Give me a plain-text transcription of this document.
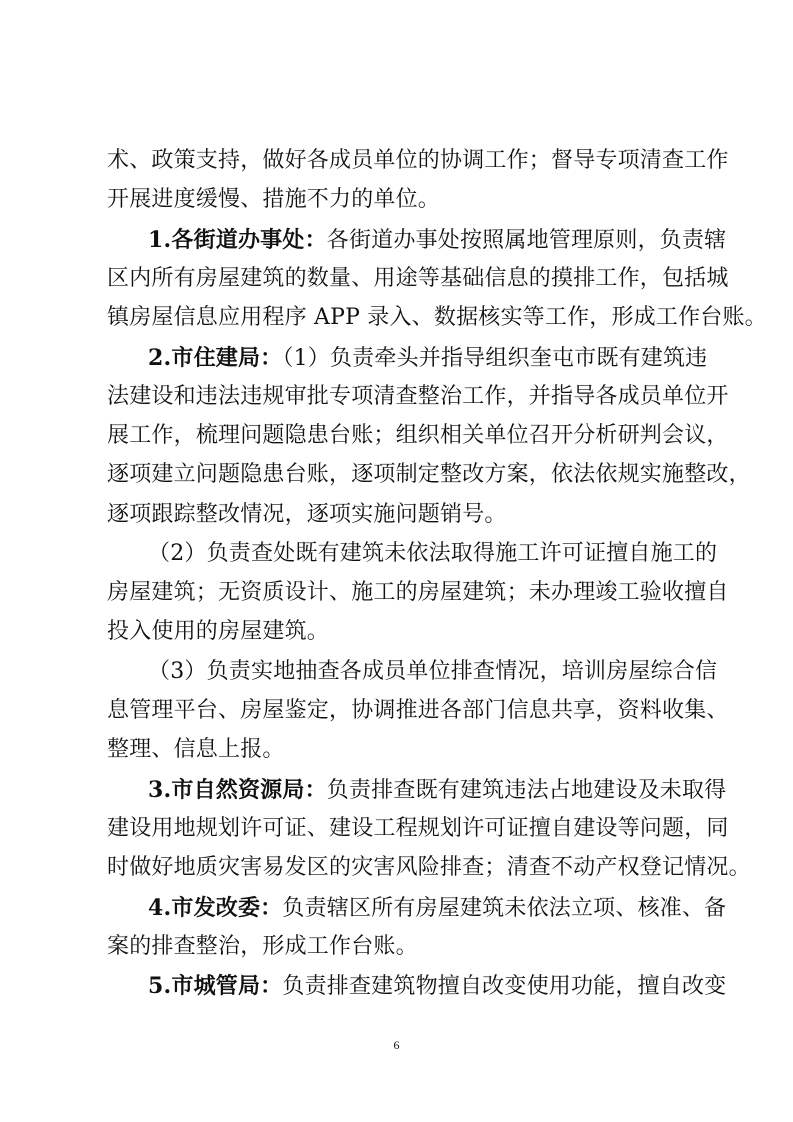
术、政策支持，做好各成员单位的协调工作；督导专项清查工作
开展进度缓慢、措施不力的单位。
1.各街道办事处：各街道办事处按照属地管理原则，负责辖
区内所有房屋建筑的数量、用途等基础信息的摸排工作，包括城
镇房屋信息应用程序 APP 录入、数据核实等工作，形成工作台账。
2.市住建局：（1）负责牵头并指导组织奎屯市既有建筑违
法建设和违法违规审批专项清查整治工作，并指导各成员单位开
展工作，梳理问题隐患台账；组织相关单位召开分析研判会议，
逐项建立问题隐患台账，逐项制定整改方案，依法依规实施整改，
逐项跟踪整改情况，逐项实施问题销号。
（2）负责查处既有建筑未依法取得施工许可证擅自施工的
房屋建筑；无资质设计、施工的房屋建筑；未办理竣工验收擅自
投入使用的房屋建筑。
（3）负责实地抽查各成员单位排查情况，培训房屋综合信
息管理平台、房屋鉴定，协调推进各部门信息共享，资料收集、
整理、信息上报。
3.市自然资源局：负责排查既有建筑违法占地建设及未取得
建设用地规划许可证、建设工程规划许可证擅自建设等问题，同
时做好地质灾害易发区的灾害风险排查；清查不动产权登记情况。
4.市发改委：负责辖区所有房屋建筑未依法立项、核准、备
案的排查整治，形成工作台账。
5.市城管局：负责排查建筑物擅自改变使用功能，擅自改变
6
